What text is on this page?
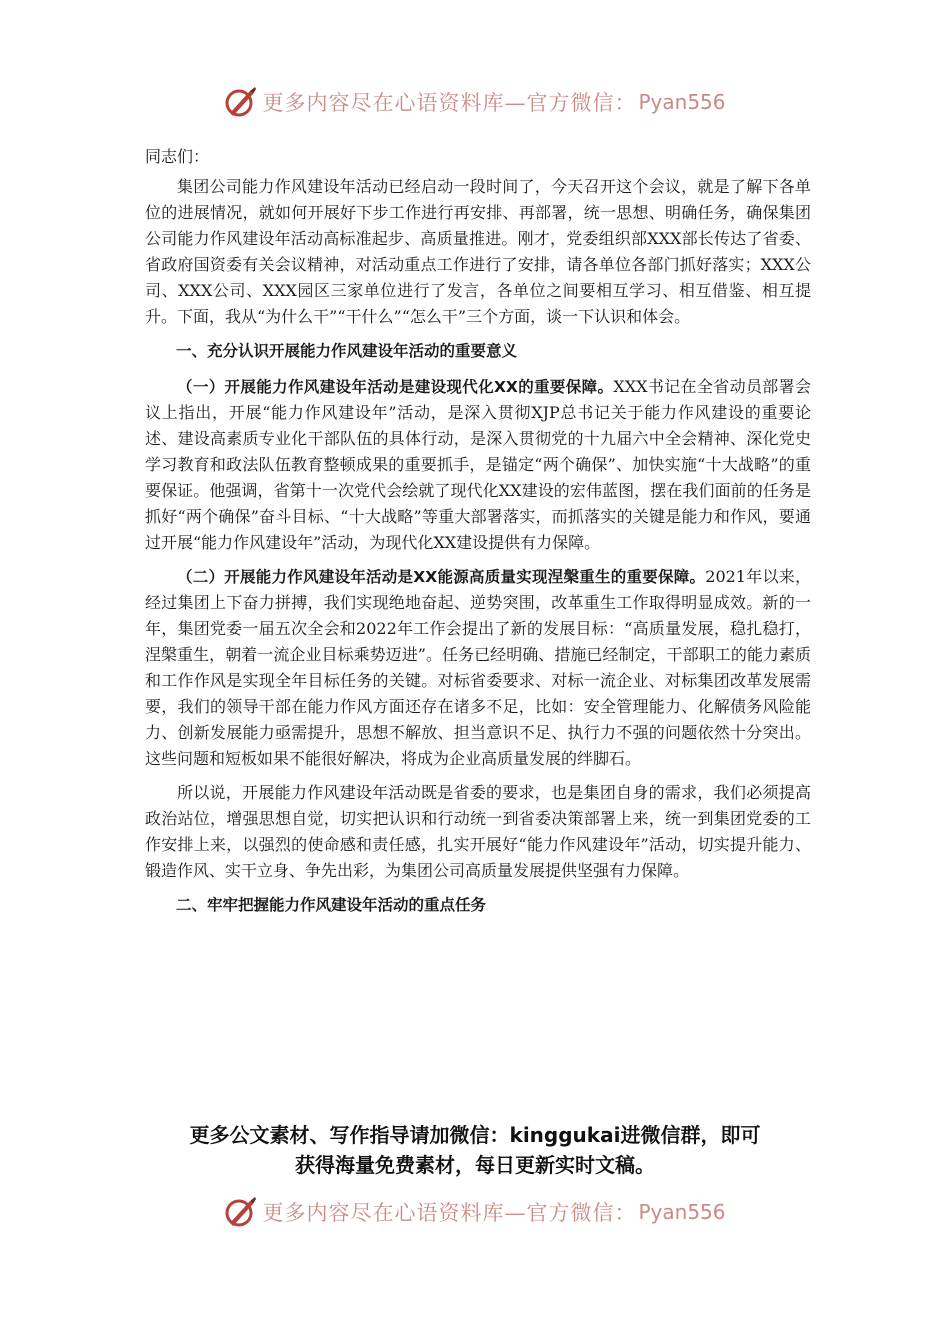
更多内容尽在心语资料库—官方微信： Pyan556

同志们：

集团公司能力作风建设年活动已经启动一段时间了，今天召开这个会议，就是了解下各单位的进展情况，就如何开展好下步工作进行再安排、再部署，统一思想、明确任务，确保集团公司能力作风建设年活动高标准起步、高质量推进。刚才，党委组织部XXX部长传达了省委、省政府国资委有关会议精神，对活动重点工作进行了安排，请各单位各部门抓好落实；XXX公司、XXX公司、XXX园区三家单位进行了发言，各单位之间要相互学习、相互借鉴、相互提升。下面，我从“为什么干”“干什么”“怎么干”三个方面，谈一下认识和体会。

一、充分认识开展能力作风建设年活动的重要意义

（一）开展能力作风建设年活动是建设现代化XX的重要保障。XXX书记在全省动员部署会议上指出，开展“能力作风建设年”活动，是深入贯彻XJP总书记关于能力作风建设的重要论述、建设高素质专业化干部队伍的具体行动，是深入贯彻党的十九届六中全会精神、深化党史学习教育和政法队伍教育整顿成果的重要抓手，是锚定“两个确保”、加快实施“十大战略”的重要保证。他强调，省第十一次党代会绘就了现代化XX建设的宏伟蓝图，摆在我们面前的任务是抓好“两个确保”奋斗目标、“十大战略”等重大部署落实，而抓落实的关键是能力和作风，要通过开展“能力作风建设年”活动，为现代化XX建设提供有力保障。

（二）开展能力作风建设年活动是XX能源高质量实现涅槃重生的重要保障。2021年以来，经过集团上下奋力拼搏，我们实现绝地奋起、逆势突围，改革重生工作取得明显成效。新的一年，集团党委一届五次全会和2022年工作会提出了新的发展目标：“高质量发展，稳扎稳打，涅槃重生，朝着一流企业目标乘势迈进”。任务已经明确、措施已经制定，干部职工的能力素质和工作作风是实现全年目标任务的关键。对标省委要求、对标一流企业、对标集团改革发展需要，我们的领导干部在能力作风方面还存在诸多不足，比如：安全管理能力、化解债务风险能力、创新发展能力亟需提升，思想不解放、担当意识不足、执行力不强的问题依然十分突出。这些问题和短板如果不能很好解决，将成为企业高质量发展的绊脚石。

所以说，开展能力作风建设年活动既是省委的要求，也是集团自身的需求，我们必须提高政治站位，增强思想自觉，切实把认识和行动统一到省委决策部署上来，统一到集团党委的工作安排上来，以强烈的使命感和责任感，扎实开展好“能力作风建设年”活动，切实提升能力、锻造作风、实干立身、争先出彩，为集团公司高质量发展提供坚强有力保障。

二、牢牢把握能力作风建设年活动的重点任务

更多公文素材、写作指导请加微信：kinggukai进微信群，即可
获得海量免费素材，每日更新实时文稿。
更多内容尽在心语资料库—官方微信： Pyan556
